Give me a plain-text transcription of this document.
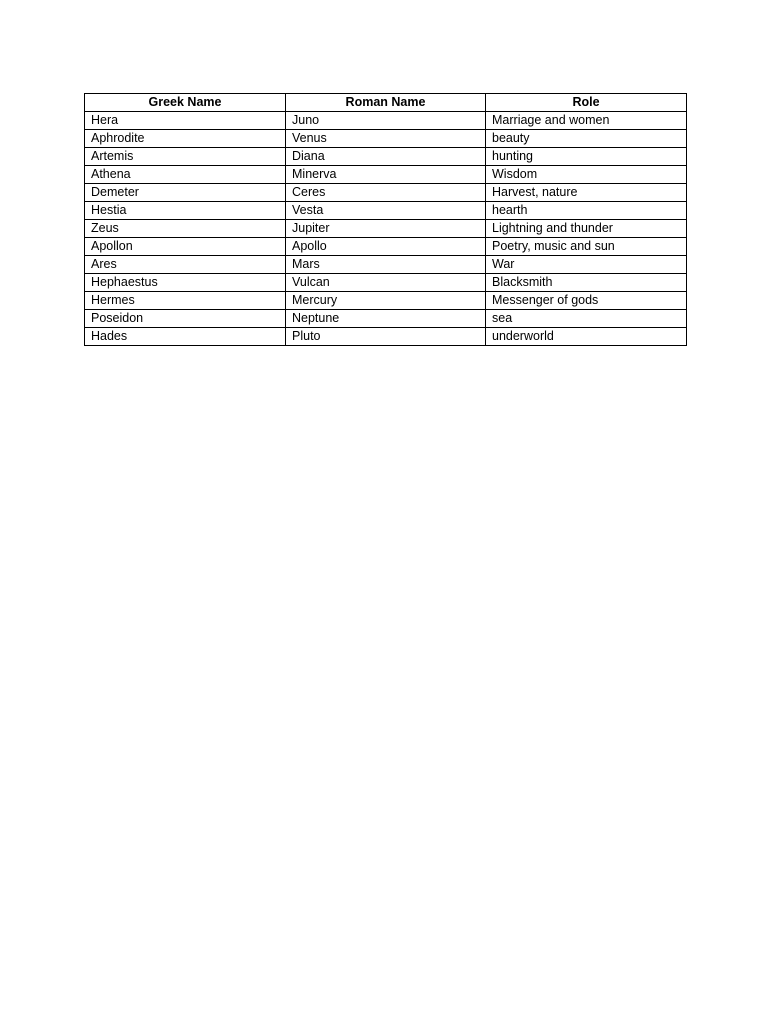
Greek Name	Roman Name	Role
Hera	Juno	Marriage and women
Aphrodite	Venus	beauty
Artemis	Diana	hunting
Athena	Minerva	Wisdom
Demeter	Ceres	Harvest, nature
Hestia	Vesta	hearth
Zeus	Jupiter	Lightning and thunder
Apollon	Apollo	Poetry, music and sun
Ares	Mars	War
Hephaestus	Vulcan	Blacksmith
Hermes	Mercury	Messenger of gods
Poseidon	Neptune	sea
Hades	Pluto	underworld
